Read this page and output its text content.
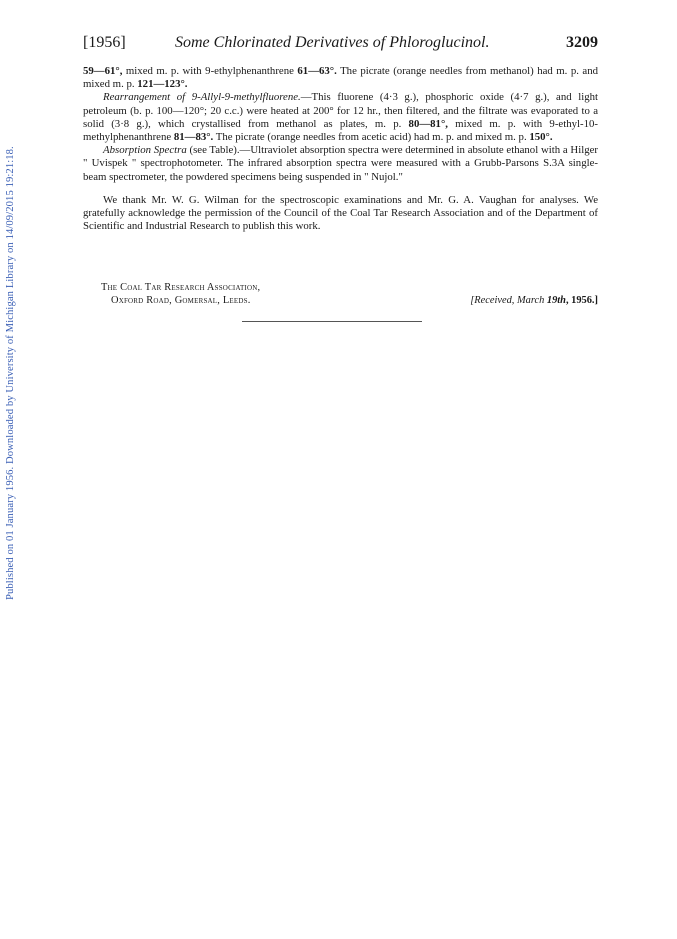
Published on 01 January 1956. Downloaded by University of Michigan Library on 14/09/2015 19:21:18.
[1956]	Some Chlorinated Derivatives of Phloroglucinol.	3209

59—61°, mixed m. p. with 9-ethylphenanthrene 61—63°. The picrate (orange needles from methanol) had m. p. and mixed m. p. 121—123°.

Rearrangement of 9-Allyl-9-methylfluorene.—This fluorene (4·3 g.), phosphoric oxide (4·7 g.), and light petroleum (b. p. 100—120°; 20 c.c.) were heated at 200° for 12 hr., then filtered, and the filtrate was evaporated to a solid (3·8 g.), which crystallised from methanol as plates, m. p. 80—81°, mixed m. p. with 9-ethyl-10-methylphenanthrene 81—83°. The picrate (orange needles from acetic acid) had m. p. and mixed m. p. 150°.

Absorption Spectra (see Table).—Ultraviolet absorption spectra were determined in absolute ethanol with a Hilger " Uvispek " spectrophotometer. The infrared absorption spectra were measured with a Grubb-Parsons S.3A single-beam spectrometer, the powdered specimens being suspended in " Nujol."

We thank Mr. W. G. Wilman for the spectroscopic examinations and Mr. G. A. Vaughan for analyses. We gratefully acknowledge the permission of the Council of the Coal Tar Research Association and of the Department of Scientific and Industrial Research to publish this work.

The Coal Tar Research Association,
Oxford Road, Gomersal, Leeds.	[Received, March 19th, 1956.]
